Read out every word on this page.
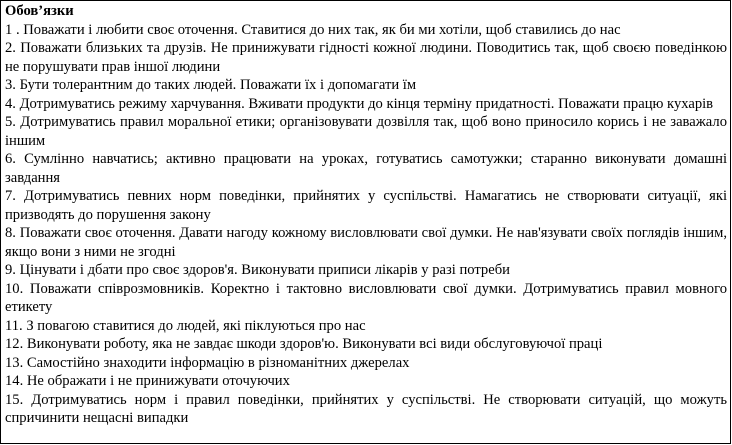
Обов’язки
1 . Поважати і любити своє оточення. Ставитися до них так, як би ми хотіли, щоб ставились до нас
2. Поважати близьких та друзів. Не принижувати гідності кожної людини. Поводитись так, щоб своєю поведінкою не порушувати прав іншої людини
3. Бути толерантним до таких людей. Поважати їх і допомагати їм
4. Дотримуватись режиму харчування. Вживати продукти до кінця терміну придатності. Поважати працю кухарів
5. Дотримуватись правил моральної етики; організовувати дозвілля так, щоб воно приносило корись і не заважало іншим
6. Сумлінно навчатись; активно працювати на уроках, готуватись самотужки; старанно виконувати домашні завдання
7. Дотримуватись певних норм поведінки, прийнятих у суспільстві. Намагатись не створювати ситуації, які призводять до порушення закону
8. Поважати своє оточення. Давати нагоду кожному висловлювати свої думки. Не нав'язувати своїх поглядів іншим, якщо вони з ними не згодні
9. Цінувати і дбати про своє здоров'я. Виконувати приписи лікарів у разі потреби
10. Поважати співрозмовників. Коректно і тактовно висловлювати свої думки. Дотримуватись правил мовного етикету
11. З повагою ставитися до людей, які піклуються про нас
12. Виконувати роботу, яка не завдає шкоди здоров'ю. Виконувати всі види обслуговуючої праці
13. Самостійно знаходити інформацію в різноманітних джерелах
14. Не ображати і не принижувати оточуючих
15. Дотримуватись норм і правил поведінки, прийнятих у суспільстві. Не створювати ситуацій, що можуть спричинити нещасні випадки
